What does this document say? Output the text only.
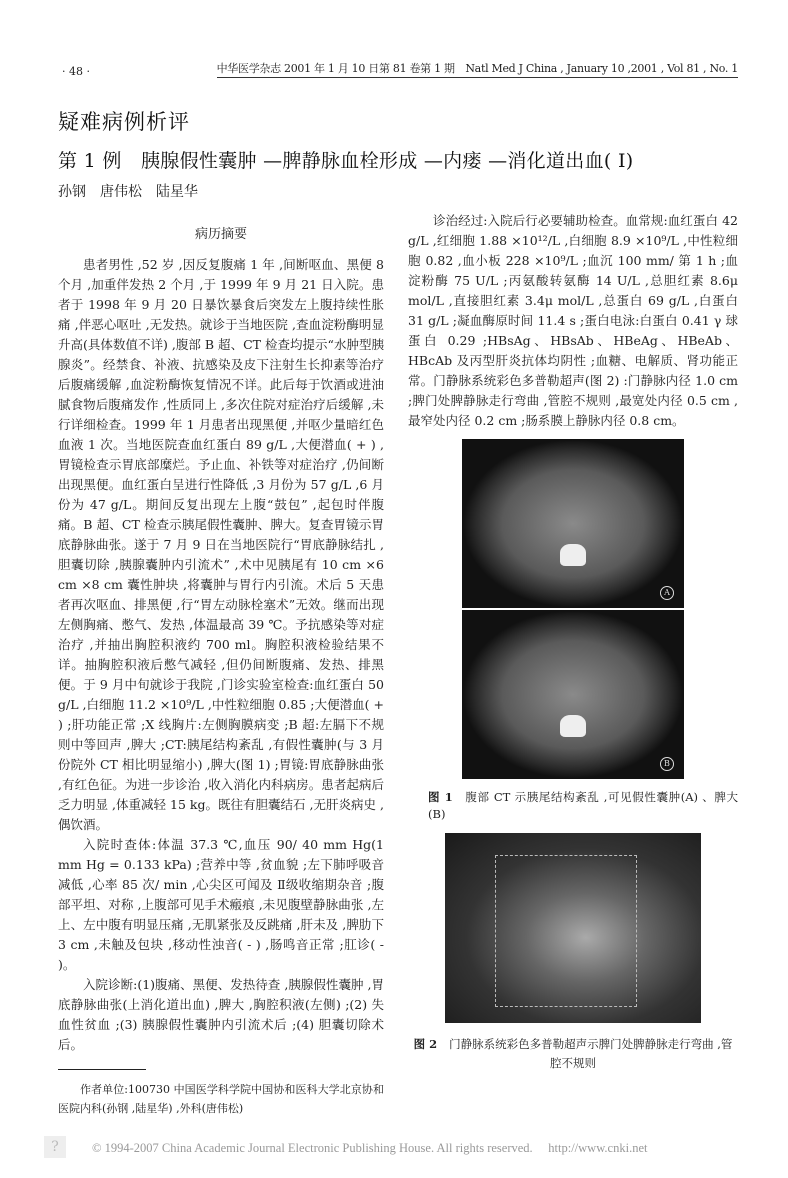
· 48 ·	中华医学杂志 2001 年 1 月 10 日第 81 卷第 1 期　Natl Med J China , January 10 ,2001 , Vol 81 , No. 1
疑难病例析评
第 1 例　胰腺假性囊肿 —脾静脉血栓形成 —内瘘 —消化道出血( Ⅰ)
孙钢　唐伟松　陆星华

病历摘要

患者男性 ,52 岁 ,因反复腹痛 1 年 ,间断呕血、黑便 8 个月 ,加重伴发热 2 个月 ,于 1999 年 9 月 21 日入院。患者于 1998 年 9 月 20 日暴饮暴食后突发左上腹持续性胀痛 ,伴恶心呕吐 ,无发热。就诊于当地医院 ,查血淀粉酶明显升高(具体数值不详) ,腹部 B 超、CT 检查均提示“水肿型胰腺炎”。经禁食、补液、抗感染及皮下注射生长抑素等治疗后腹痛缓解 ,血淀粉酶恢复情况不详。此后每于饮酒或进油腻食物后腹痛发作 ,性质同上 ,多次住院对症治疗后缓解 ,未行详细检查。1999 年 1 月患者出现黑便 ,并呕少量暗红色血液 1 次。当地医院查血红蛋白 89 g/L ,大便潜血( + ) ,胃镜检查示胃底部糜烂。予止血、补铁等对症治疗 ,仍间断出现黑便。血红蛋白呈进行性降低 ,3 月份为 57 g/L ,6 月份为 47 g/L。期间反复出现左上腹“鼓包” ,起包时伴腹痛。B 超、CT 检查示胰尾假性囊肿、脾大。复查胃镜示胃底静脉曲张。遂于 7 月 9 日在当地医院行“胃底静脉结扎 ,胆囊切除 ,胰腺囊肿内引流术” ,术中见胰尾有 10 cm ×6 cm ×8 cm 囊性肿块 ,将囊肿与胃行内引流。术后 5 天患者再次呕血、排黑便 ,行“胃左动脉栓塞术”无效。继而出现左侧胸痛、憋气、发热 ,体温最高 39 ℃。予抗感染等对症治疗 ,并抽出胸腔积液约 700 ml。胸腔积液检验结果不详。抽胸腔积液后憋气减轻 ,但仍间断腹痛、发热、排黑便。于 9 月中旬就诊于我院 ,门诊实验室检查:血红蛋白 50 g/L ,白细胞 11.2 ×10⁹/L ,中性粒细胞 0.85 ;大便潜血( + ) ;肝功能正常 ;X 线胸片:左侧胸膜病变 ;B 超:左膈下不规则中等回声 ,脾大 ;CT:胰尾结构紊乱 ,有假性囊肿(与 3 月份院外 CT 相比明显缩小) ,脾大(图 1) ;胃镜:胃底静脉曲张 ,有红色征。为进一步诊治 ,收入消化内科病房。患者起病后乏力明显 ,体重减轻 15 kg。既往有胆囊结石 ,无肝炎病史 ,偶饮酒。

入院时查体:体温 37.3 ℃,血压 90/ 40 mm Hg(1 mm Hg = 0.133 kPa) ;营养中等 ,贫血貌 ;左下肺呼吸音减低 ,心率 85 次/ min ,心尖区可闻及 Ⅱ级收缩期杂音 ;腹部平坦、对称 ,上腹部可见手术瘢痕 ,未见腹壁静脉曲张 ,左上、左中腹有明显压痛 ,无肌紧张及反跳痛 ,肝未及 ,脾肋下 3 cm ,未触及包块 ,移动性浊音( - ) ,肠鸣音正常 ;肛诊( - )。

入院诊断:(1)腹痛、黑便、发热待查 ,胰腺假性囊肿 ,胃底静脉曲张(上消化道出血) ,脾大 ,胸腔积液(左侧) ;(2) 失血性贫血 ;(3) 胰腺假性囊肿内引流术后 ;(4) 胆囊切除术后。

作者单位:100730 中国医学科学院中国协和医科大学北京协和医院内科(孙钢 ,陆星华) ,外科(唐伟松)

诊治经过:入院后行必要辅助检查。血常规:血红蛋白 42 g/L ,红细胞 1.88 ×10¹²/L ,白细胞 8.9 ×10⁹/L ,中性粒细胞 0.82 ,血小板 228 ×10⁹/L ;血沉 100 mm/ 第 1 h ;血淀粉酶 75 U/L ;丙氨酸转氨酶 14 U/L ,总胆红素 8.6μ mol/L ,直接胆红素 3.4μ mol/L ,总蛋白 69 g/L ,白蛋白 31 g/L ;凝血酶原时间 11.4 s ;蛋白电泳:白蛋白 0.41 γ 球蛋白 0.29 ;HBsAg、HBsAb、HBeAg、HBeAb、HBcAb 及丙型肝炎抗体均阴性 ;血糖、电解质、肾功能正常。门静脉系统彩色多普勒超声(图 2) :门静脉内径 1.0 cm ;脾门处脾静脉走行弯曲 ,管腔不规则 ,最宽处内径 0.5 cm ,最窄处内径 0.2 cm ;肠系膜上静脉内径 0.8 cm。

A
B
图 1 腹部 CT 示胰尾结构紊乱 ,可见假性囊肿(A) 、脾大(B)
图 2 门静脉系统彩色多普勒超声示脾门处脾静脉走行弯曲 ,管腔不规则
?	© 1994-2007 China Academic Journal Electronic Publishing House. All rights reserved.　 http://www.cnki.net
